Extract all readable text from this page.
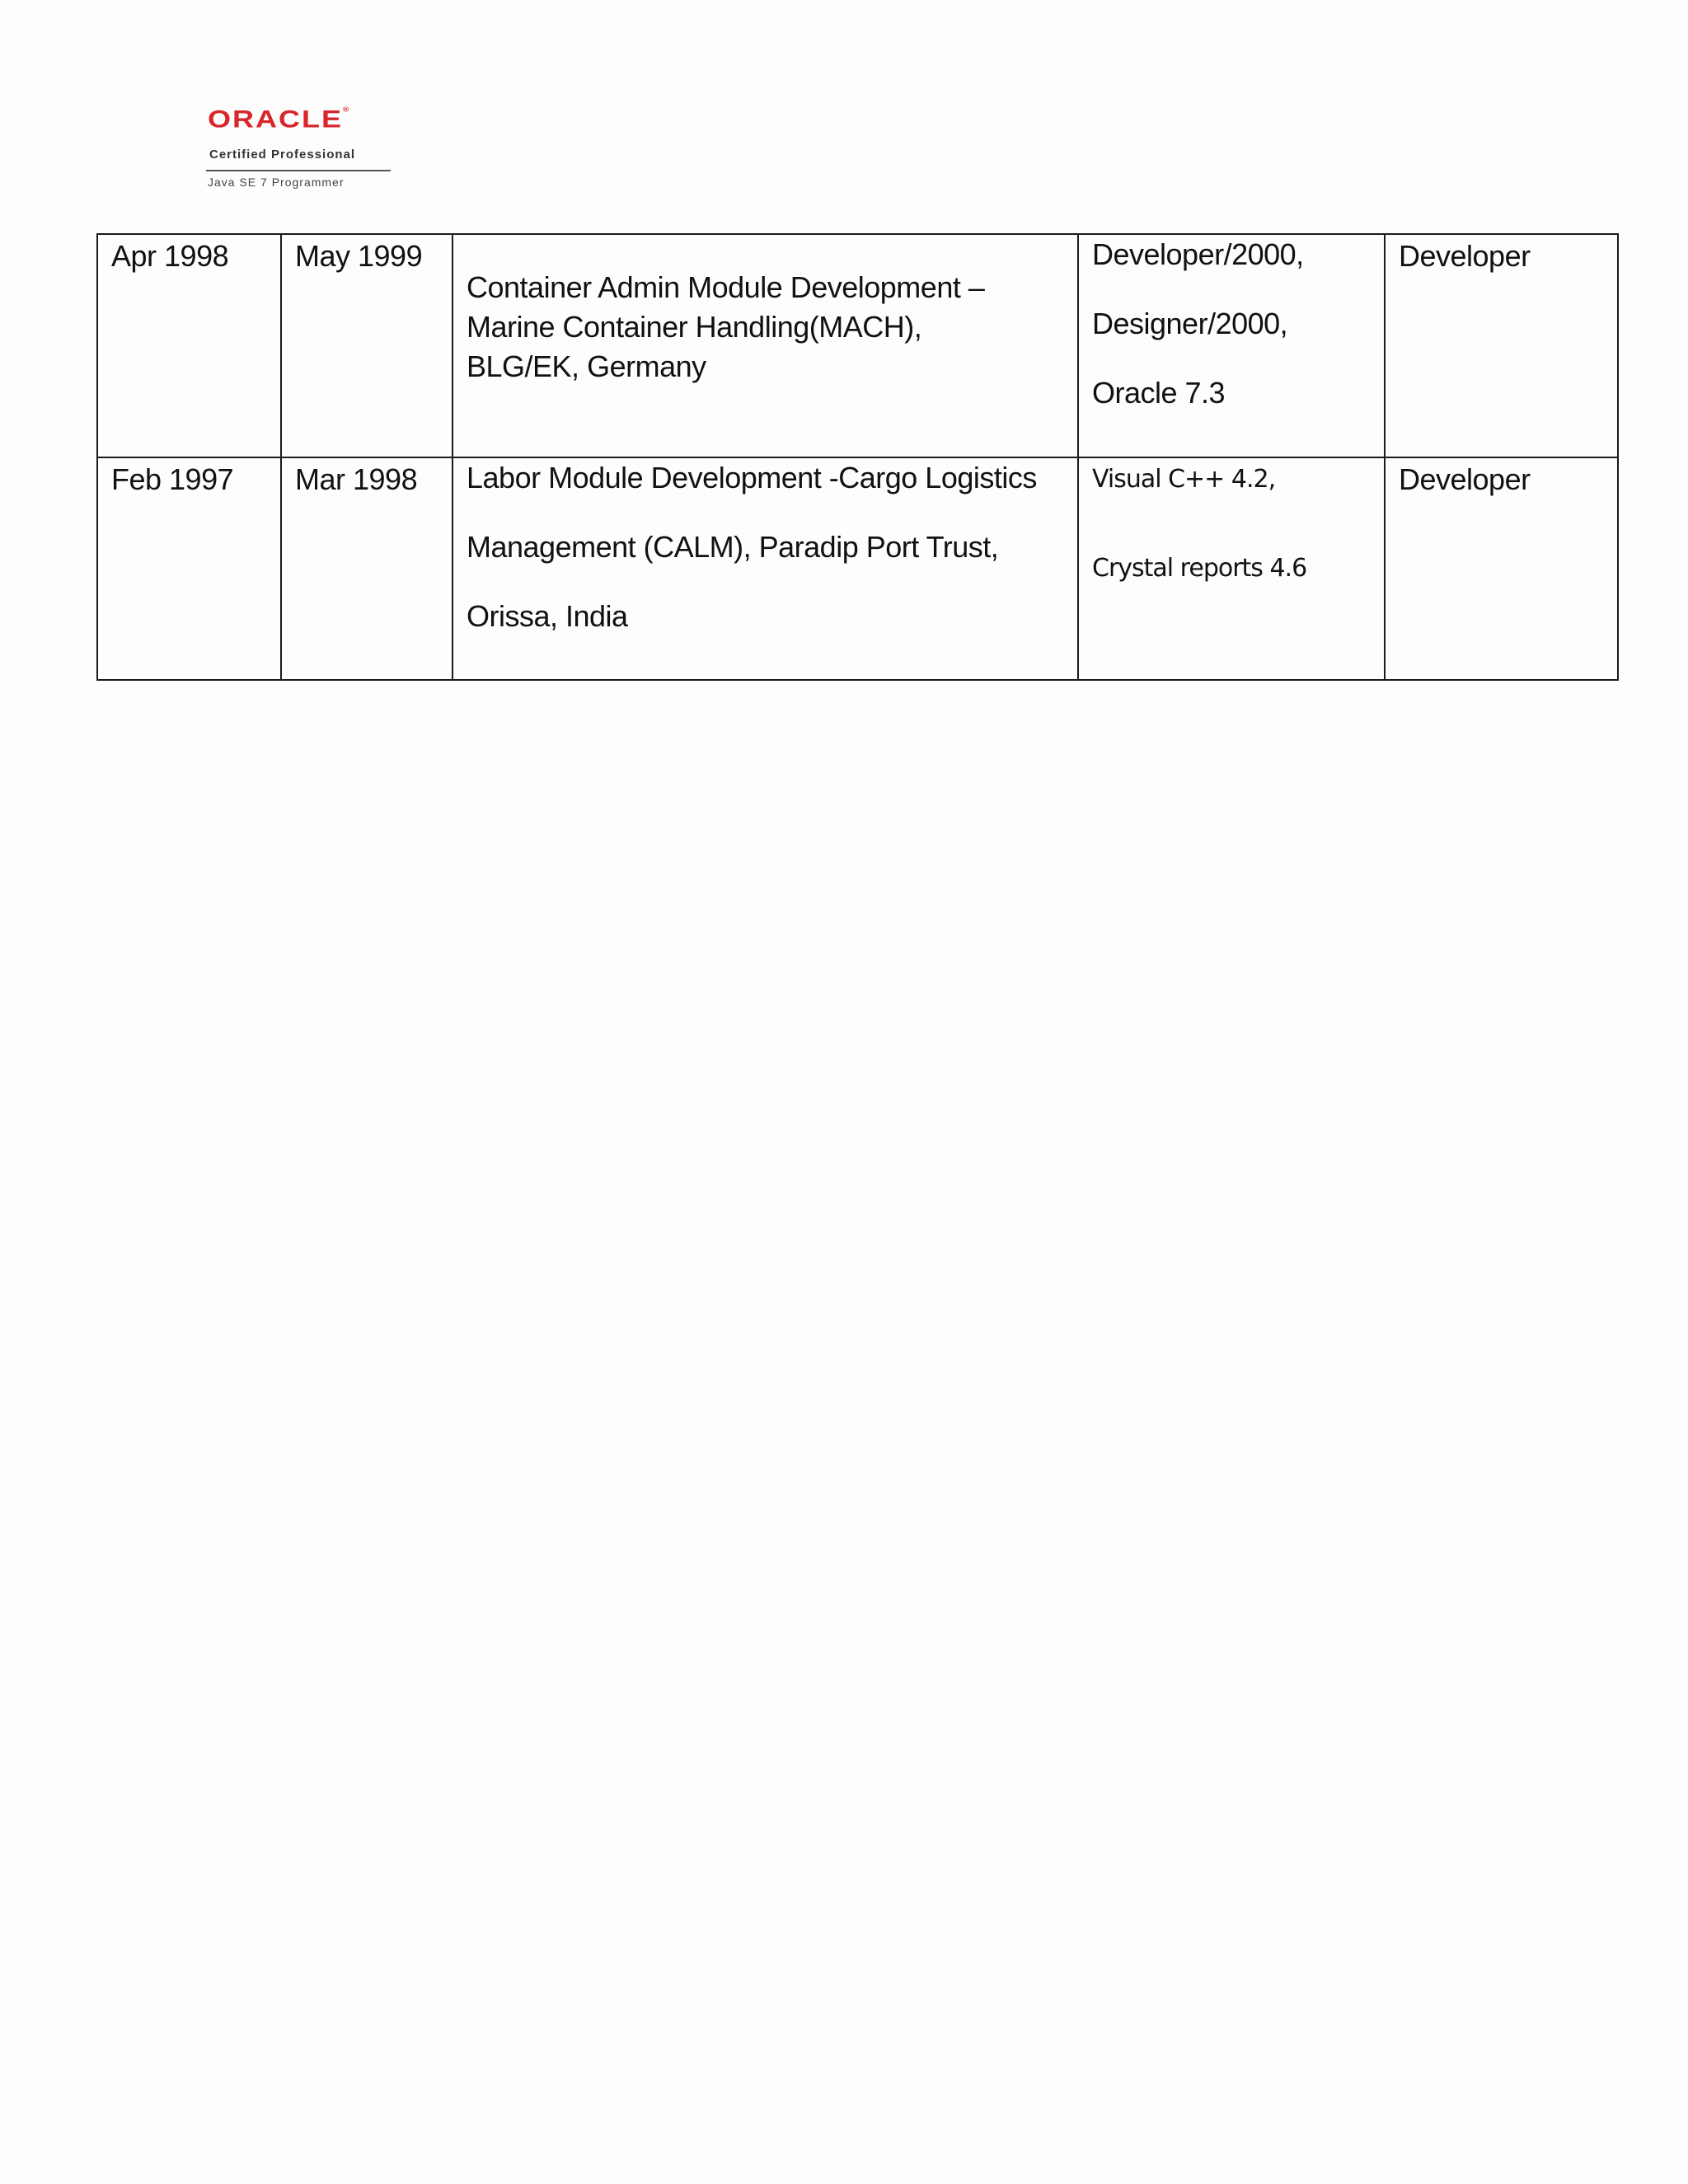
ORACLE®
Certified Professional
Java SE 7 Programmer
Apr 1998	May 1999	Container Admin Module Development –
Marine Container Handling(MACH),
BLG/EK, Germany	Developer/2000,
Designer/2000,
Oracle 7.3	Developer

Feb 1997	Mar 1998	Labor Module Development -Cargo Logistics
Management (CALM), Paradip Port Trust,
Orissa, India	Visual C++ 4.2,
Crystal reports 4.6	Developer
